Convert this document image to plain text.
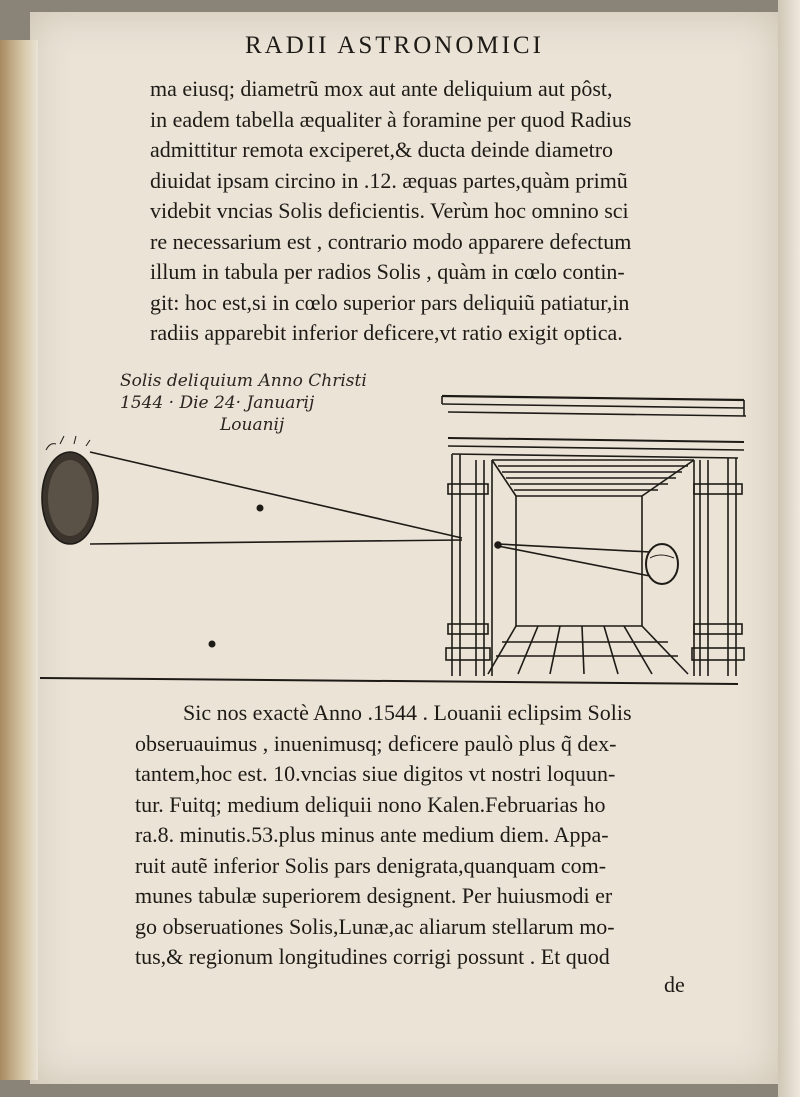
RADII ASTRONOMICI
ma eiusq; diametrũ mox aut ante deliquium aut pôst,
in eadem tabella æqualiter à foramine per quod Radius
admittitur remota exciperet,& ducta deinde diametro
diuidat ipsam circino in .12. æquas partes,quàm primũ
videbit vncias Solis deficientis. Verùm hoc omnino sci
re necessarium est , contrario modo apparere defectum
illum in tabula per radios Solis , quàm in cœlo contin-
git: hoc est,si in cœlo superior pars deliquiũ patiatur,in
radiis apparebit inferior deficere,vt ratio exigit optica.
Solis deliquium Anno Christi
1544 · Die 24· Januarij
Louanij
Sic nos exactè Anno .1544 . Louanii eclipsim Solis
obseruauimus , inuenimusq; deficere paulò plus q̃ dex-
tantem,hoc est. 10.vncias siue digitos vt nostri loquun-
tur. Fuitq; medium deliquii nono Kalen.Februarias ho
ra.8. minutis.53.plus minus ante medium diem. Appa-
ruit autẽ inferior Solis pars denigrata,quanquam com-
munes tabulæ superiorem designent. Per huiusmodi er
go obseruationes Solis,Lunæ,ac aliarum stellarum mo-
tus,& regionum longitudines corrigi possunt . Et quod
de
